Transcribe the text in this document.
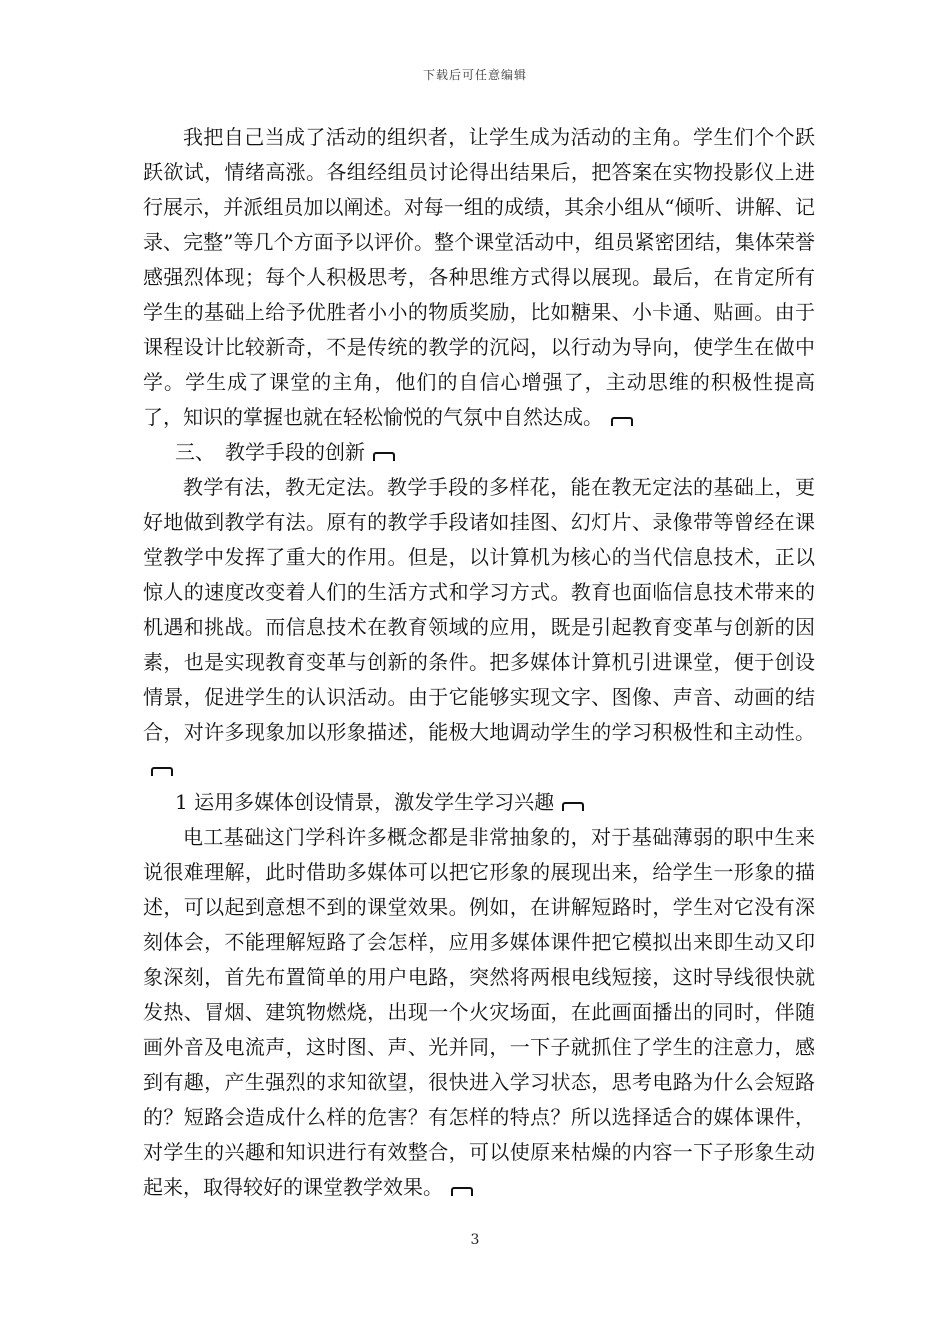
下载后可任意编辑

我把自己当成了活动的组织者，让学生成为活动的主角。学生们个个跃跃欲试，情绪高涨。各组经组员讨论得出结果后，把答案在实物投影仪上进行展示，并派组员加以阐述。对每一组的成绩，其余小组从“倾听、讲解、记录、完整”等几个方面予以评价。整个课堂活动中，组员紧密团结，集体荣誉感强烈体现；每个人积极思考，各种思维方式得以展现。最后，在肯定所有学生的基础上给予优胜者小小的物质奖励，比如糖果、小卡通、贴画。由于课程设计比较新奇，不是传统的教学的沉闷，以行动为导向，使学生在做中学。学生成了课堂的主角，他们的自信心增强了，主动思维的积极性提高了，知识的掌握也就在轻松愉悦的气氛中自然达成。

三、　教学手段的创新

教学有法，教无定法。教学手段的多样花，能在教无定法的基础上，更好地做到教学有法。原有的教学手段诸如挂图、幻灯片、录像带等曾经在课堂教学中发挥了重大的作用。但是，以计算机为核心的当代信息技术，正以惊人的速度改变着人们的生活方式和学习方式。教育也面临信息技术带来的机遇和挑战。而信息技术在教育领域的应用，既是引起教育变革与创新的因素，也是实现教育变革与创新的条件。把多媒体计算机引进课堂，便于创设情景，促进学生的认识活动。由于它能够实现文字、图像、声音、动画的结合，对许多现象加以形象描述，能极大地调动学生的学习积极性和主动性。

1 运用多媒体创设情景，激发学生学习兴趣

电工基础这门学科许多概念都是非常抽象的，对于基础薄弱的职中生来说很难理解，此时借助多媒体可以把它形象的展现出来，给学生一形象的描述，可以起到意想不到的课堂效果。例如，在讲解短路时，学生对它没有深刻体会，不能理解短路了会怎样，应用多媒体课件把它模拟出来即生动又印象深刻，首先布置简单的用户电路，突然将两根电线短接，这时导线很快就发热、冒烟、建筑物燃烧，出现一个火灾场面，在此画面播出的同时，伴随画外音及电流声，这时图、声、光并同，一下子就抓住了学生的注意力，感到有趣，产生强烈的求知欲望，很快进入学习状态，思考电路为什么会短路的？短路会造成什么样的危害？有怎样的特点？所以选择适合的媒体课件，对学生的兴趣和知识进行有效整合，可以使原来枯燥的内容一下子形象生动起来，取得较好的课堂教学效果。

3
